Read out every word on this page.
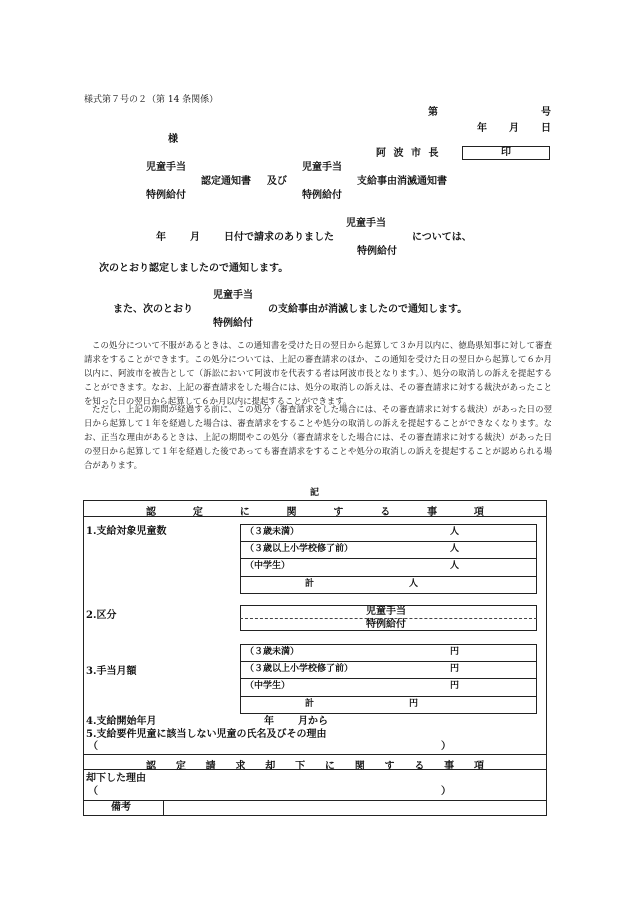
様式第７号の２（第 14 条関係）
第	号
年 月 日
様
阿 波 市 長	印
児童手当	児童手当
認定通知書 及び	支給事由消滅通知書
特例給付	特例給付
児童手当
年 月 日付で請求のありました	については、
特例給付
次のとおり認定しましたので通知します。
児童手当
また、次のとおり	の支給事由が消滅しましたので通知します。
特例給付
この処分について不服があるときは、この通知書を受けた日の翌日から起算して３か月以内に、徳島県知事に対して審査請求をすることができます。この処分については、上記の審査請求のほか、この通知を受けた日の翌日から起算して６か月以内に、阿波市を被告として（訴訟において阿波市を代表する者は阿波市長となります。）、処分の取消しの訴えを提起することができます。なお、上記の審査請求をした場合には、処分の取消しの訴えは、その審査請求に対する裁決があったことを知った日の翌日から起算して６か月以内に提起することができます。
ただし、上記の期間が経過する前に、この処分（審査請求をした場合には、その審査請求に対する裁決）があった日の翌日から起算して１年を経過した場合は、審査請求をすることや処分の取消しの訴えを提起することができなくなります。なお、正当な理由があるときは、上記の期間やこの処分（審査請求をした場合には、その審査請求に対する裁決）があった日の翌日から起算して１年を経過した後であっても審査請求をすることや処分の取消しの訴えを提起することが認められる場合があります。
記
認	定	に	関	す	る	事	項
1.支給対象児童数	（３歳未満）	人
（３歳以上小学校修了前）	人
（中学生）	人
計	人
2.区分	児童手当
特例給付
3.手当月額
（３歳未満）	円
（３歳以上小学校修了前）	円
（中学生）	円
計	円
4.支給開始年月	年 月から
5.支給要件児童に該当しない児童の氏名及びその理由
（	）
認 定 請 求 却 下 に 関 す る 事 項
却下した理由
（	）
備考
